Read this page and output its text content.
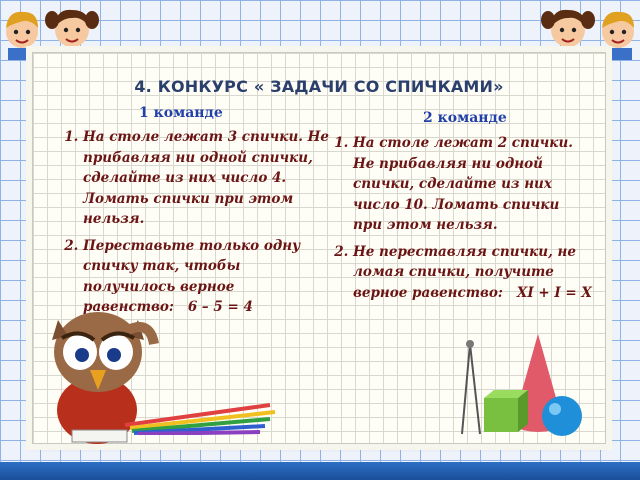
4. КОНКУРС « ЗАДАЧИ СО СПИЧКАМИ»
1 команде
1. На столе лежат 3 спички. Не прибавляя ни одной спички, сделайте из них число 4. Ломать спички при этом нельзя.
2. Переставьте только одну спичку так, чтобы получилось верное равенство: 6 – 5 = 4
2 команде
1. На столе лежат 2 спички. Не прибавляя ни одной спички, сделайте из них число 10. Ломать спички при этом нельзя.
2. Не переставляя спички, не ломая спички, получите верное равенство: XI + I = X
